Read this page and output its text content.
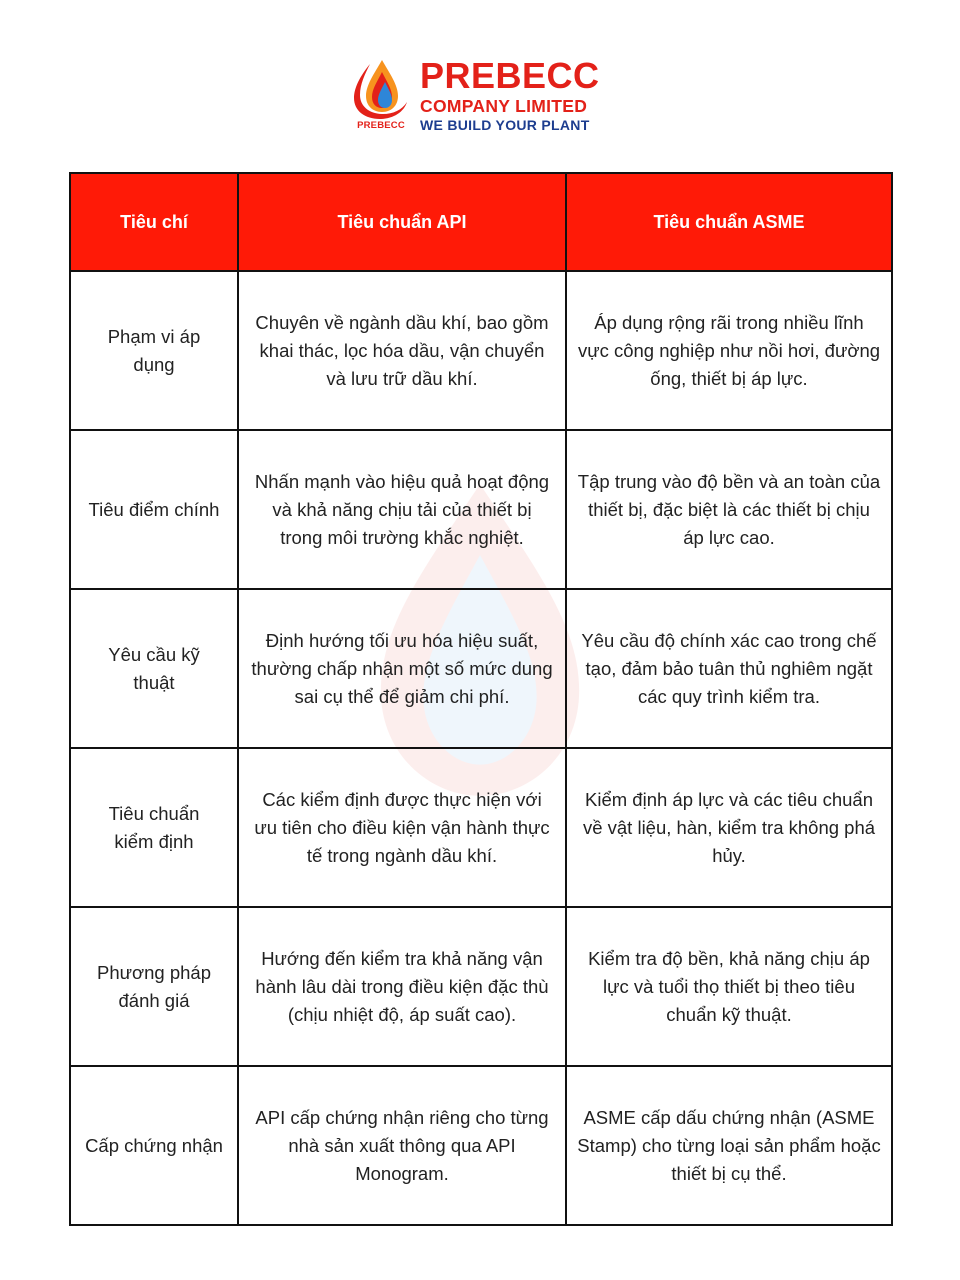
PREBECC
PREBECC
COMPANY LIMITED
WE BUILD YOUR PLANT
Tiêu chí	Tiêu chuẩn API	Tiêu chuẩn ASME
Phạm vi áp dụng	Chuyên về ngành dầu khí, bao gồm khai thác, lọc hóa dầu, vận chuyển và lưu trữ dầu khí.	Áp dụng rộng rãi trong nhiều lĩnh vực công nghiệp như nồi hơi, đường ống, thiết bị áp lực.
Tiêu điểm chính	Nhấn mạnh vào hiệu quả hoạt động và khả năng chịu tải của thiết bị trong môi trường khắc nghiệt.	Tập trung vào độ bền và an toàn của thiết bị, đặc biệt là các thiết bị chịu áp lực cao.
Yêu cầu kỹ thuật	Định hướng tối ưu hóa hiệu suất, thường chấp nhận một số mức dung sai cụ thể để giảm chi phí.	Yêu cầu độ chính xác cao trong chế tạo, đảm bảo tuân thủ nghiêm ngặt các quy trình kiểm tra.
Tiêu chuẩn kiểm định	Các kiểm định được thực hiện với ưu tiên cho điều kiện vận hành thực tế trong ngành dầu khí.	Kiểm định áp lực và các tiêu chuẩn về vật liệu, hàn, kiểm tra không phá hủy.
Phương pháp đánh giá	Hướng đến kiểm tra khả năng vận hành lâu dài trong điều kiện đặc thù (chịu nhiệt độ, áp suất cao).	Kiểm tra độ bền, khả năng chịu áp lực và tuổi thọ thiết bị theo tiêu chuẩn kỹ thuật.
Cấp chứng nhận	API cấp chứng nhận riêng cho từng nhà sản xuất thông qua API Monogram.	ASME cấp dấu chứng nhận (ASME Stamp) cho từng loại sản phẩm hoặc thiết bị cụ thể.
